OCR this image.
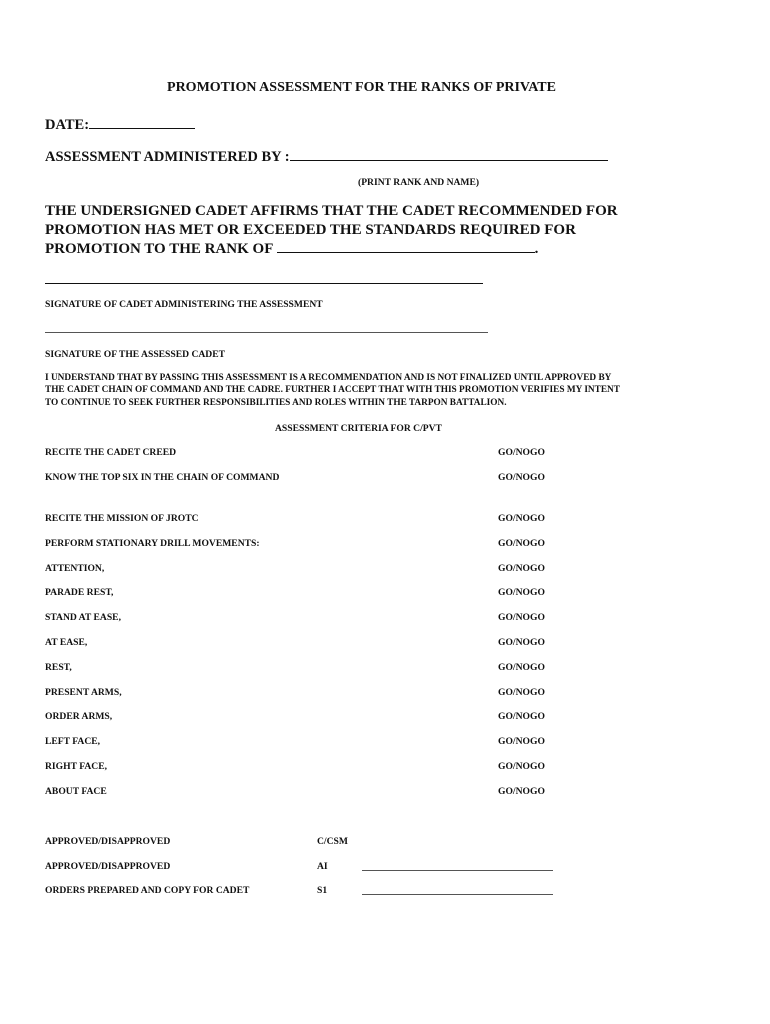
PROMOTION ASSESSMENT FOR THE RANKS OF PRIVATE
DATE:
ASSESSMENT ADMINISTERED BY :
(PRINT RANK AND NAME)
THE UNDERSIGNED CADET AFFIRMS THAT THE CADET RECOMMENDED FOR
PROMOTION HAS MET OR EXCEEDED THE STANDARDS REQUIRED FOR
PROMOTION TO THE RANK OF	.
SIGNATURE OF CADET ADMINISTERING THE ASSESSMENT
SIGNATURE OF THE ASSESSED CADET
I UNDERSTAND THAT BY PASSING THIS ASSESSMENT IS A RECOMMENDATION AND IS NOT FINALIZED UNTIL APPROVED BY
THE CADET CHAIN OF COMMAND AND THE CADRE. FURTHER I ACCEPT THAT WITH THIS PROMOTION VERIFIES MY INTENT
TO CONTINUE TO SEEK FURTHER RESPONSIBILITIES AND ROLES WITHIN THE TARPON BATTALION.
ASSESSMENT CRITERIA FOR C/PVT
RECITE THE CADET CREED	GO/NOGO
KNOW THE TOP SIX IN THE CHAIN OF COMMAND	GO/NOGO
RECITE THE MISSION OF JROTC	GO/NOGO
PERFORM STATIONARY DRILL MOVEMENTS:	GO/NOGO
ATTENTION,	GO/NOGO
PARADE REST,	GO/NOGO
STAND AT EASE,	GO/NOGO
AT EASE,	GO/NOGO
REST,	GO/NOGO
PRESENT ARMS,	GO/NOGO
ORDER ARMS,	GO/NOGO
LEFT FACE,	GO/NOGO
RIGHT FACE,	GO/NOGO
ABOUT FACE	GO/NOGO
APPROVED/DISAPPROVED	C/CSM
APPROVED/DISAPPROVED	AI
ORDERS PREPARED AND COPY FOR CADET	S1
